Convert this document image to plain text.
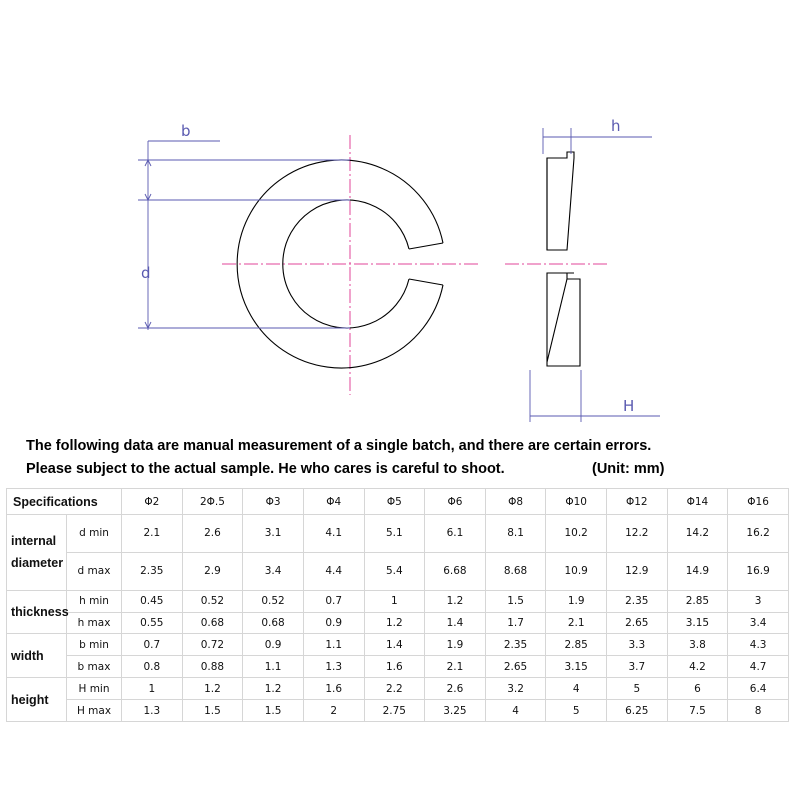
b
d
h
H
The following data are manual measurement of a single batch, and there are certain errors.
Please subject to the actual sample. He who cares is careful to shoot.	(Unit: mm)
Specifications		Φ2	2Φ.5	Φ3	Φ4	Φ5	Φ6	Φ8	Φ10	Φ12	Φ14	Φ16

internal
diameter	d min	2.1	2.6	3.1	4.1	5.1	6.1	8.1	10.2	12.2	14.2	16.2
	d max	2.35	2.9	3.4	4.4	5.4	6.68	8.68	10.9	12.9	14.9	16.9
thickness	h min	0.45	0.52	0.52	0.7	1	1.2	1.5	1.9	2.35	2.85	3
	h max	0.55	0.68	0.68	0.9	1.2	1.4	1.7	2.1	2.65	3.15	3.4
width	b min	0.7	0.72	0.9	1.1	1.4	1.9	2.35	2.85	3.3	3.8	4.3
	b max	0.8	0.88	1.1	1.3	1.6	2.1	2.65	3.15	3.7	4.2	4.7
height	H min	1	1.2	1.2	1.6	2.2	2.6	3.2	4	5	6	6.4
	H max	1.3	1.5	1.5	2	2.75	3.25	4	5	6.25	7.5	8
